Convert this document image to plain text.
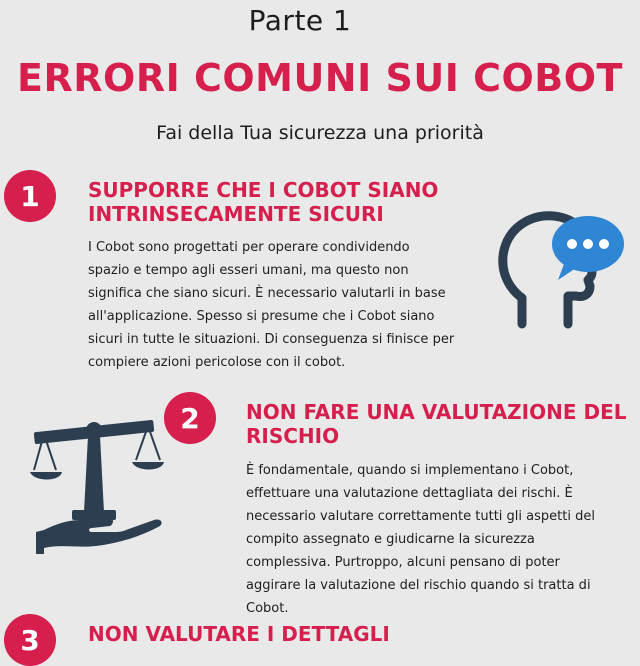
Parte 1
ERRORI COMUNI SUI COBOT
Fai della Tua sicurezza una priorità
1 SUPPORRE CHE I COBOT SIANO
INTRINSECAMENTE SICURI
I Cobot sono progettati per operare condividendo
spazio e tempo agli esseri umani, ma questo non
significa che siano sicuri. È necessario valutarli in base
all'applicazione. Spesso si presume che i Cobot siano
sicuri in tutte le situazioni. Di conseguenza si finisce per
compiere azioni pericolose con il cobot.
2 NON FARE UNA VALUTAZIONE DEL
RISCHIO
È fondamentale, quando si implementano i Cobot,
effettuare una valutazione dettagliata dei rischi. È
necessario valutare correttamente tutti gli aspetti del
compito assegnato e giudicarne la sicurezza
complessiva. Purtroppo, alcuni pensano di poter
aggirare la valutazione del rischio quando si tratta di
Cobot.
3 NON VALUTARE I DETTAGLI
